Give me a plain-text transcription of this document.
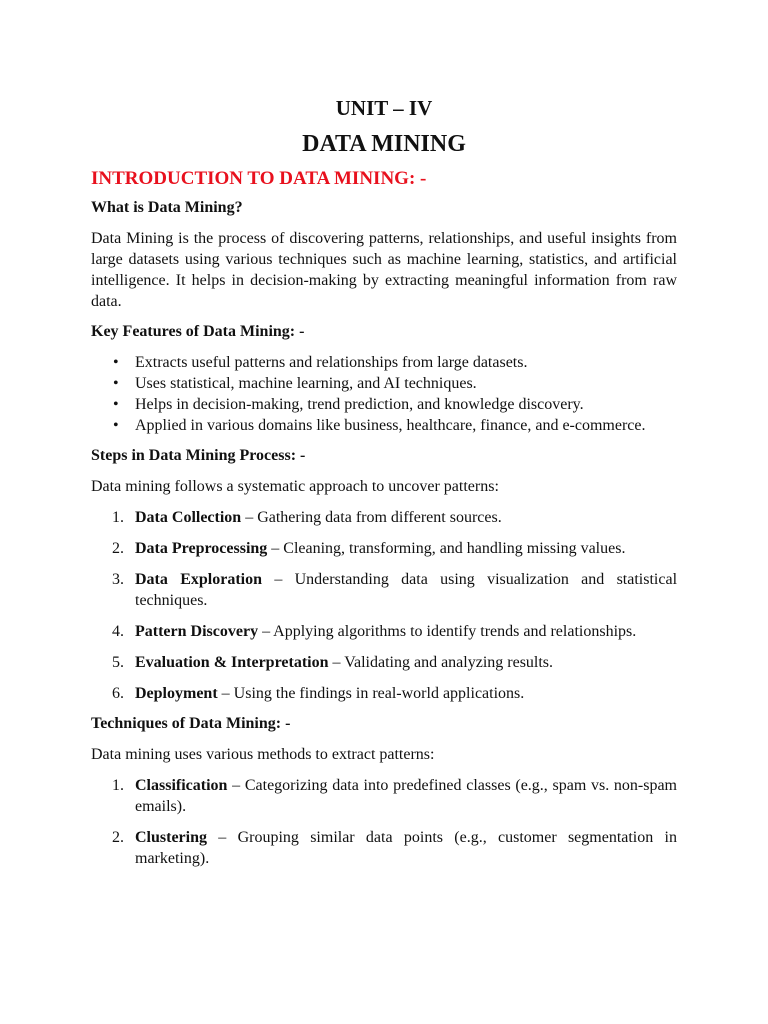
UNIT – IV
DATA MINING
INTRODUCTION TO DATA MINING: -
What is Data Mining?

Data Mining is the process of discovering patterns, relationships, and useful insights from large datasets using various techniques such as machine learning, statistics, and artificial intelligence. It helps in decision-making by extracting meaningful information from raw data.

Key Features of Data Mining: -
• Extracts useful patterns and relationships from large datasets.
• Uses statistical, machine learning, and AI techniques.
• Helps in decision-making, trend prediction, and knowledge discovery.
• Applied in various domains like business, healthcare, finance, and e-commerce.
Steps in Data Mining Process: -

Data mining follows a systematic approach to uncover patterns:

1. Data Collection – Gathering data from different sources.
2. Data Preprocessing – Cleaning, transforming, and handling missing values.
3. Data Exploration – Understanding data using visualization and statistical techniques.
4. Pattern Discovery – Applying algorithms to identify trends and relationships.
5. Evaluation & Interpretation – Validating and analyzing results.
6. Deployment – Using the findings in real-world applications.
Techniques of Data Mining: -

Data mining uses various methods to extract patterns:

1. Classification – Categorizing data into predefined classes (e.g., spam vs. non-spam emails).
2. Clustering – Grouping similar data points (e.g., customer segmentation in marketing).
